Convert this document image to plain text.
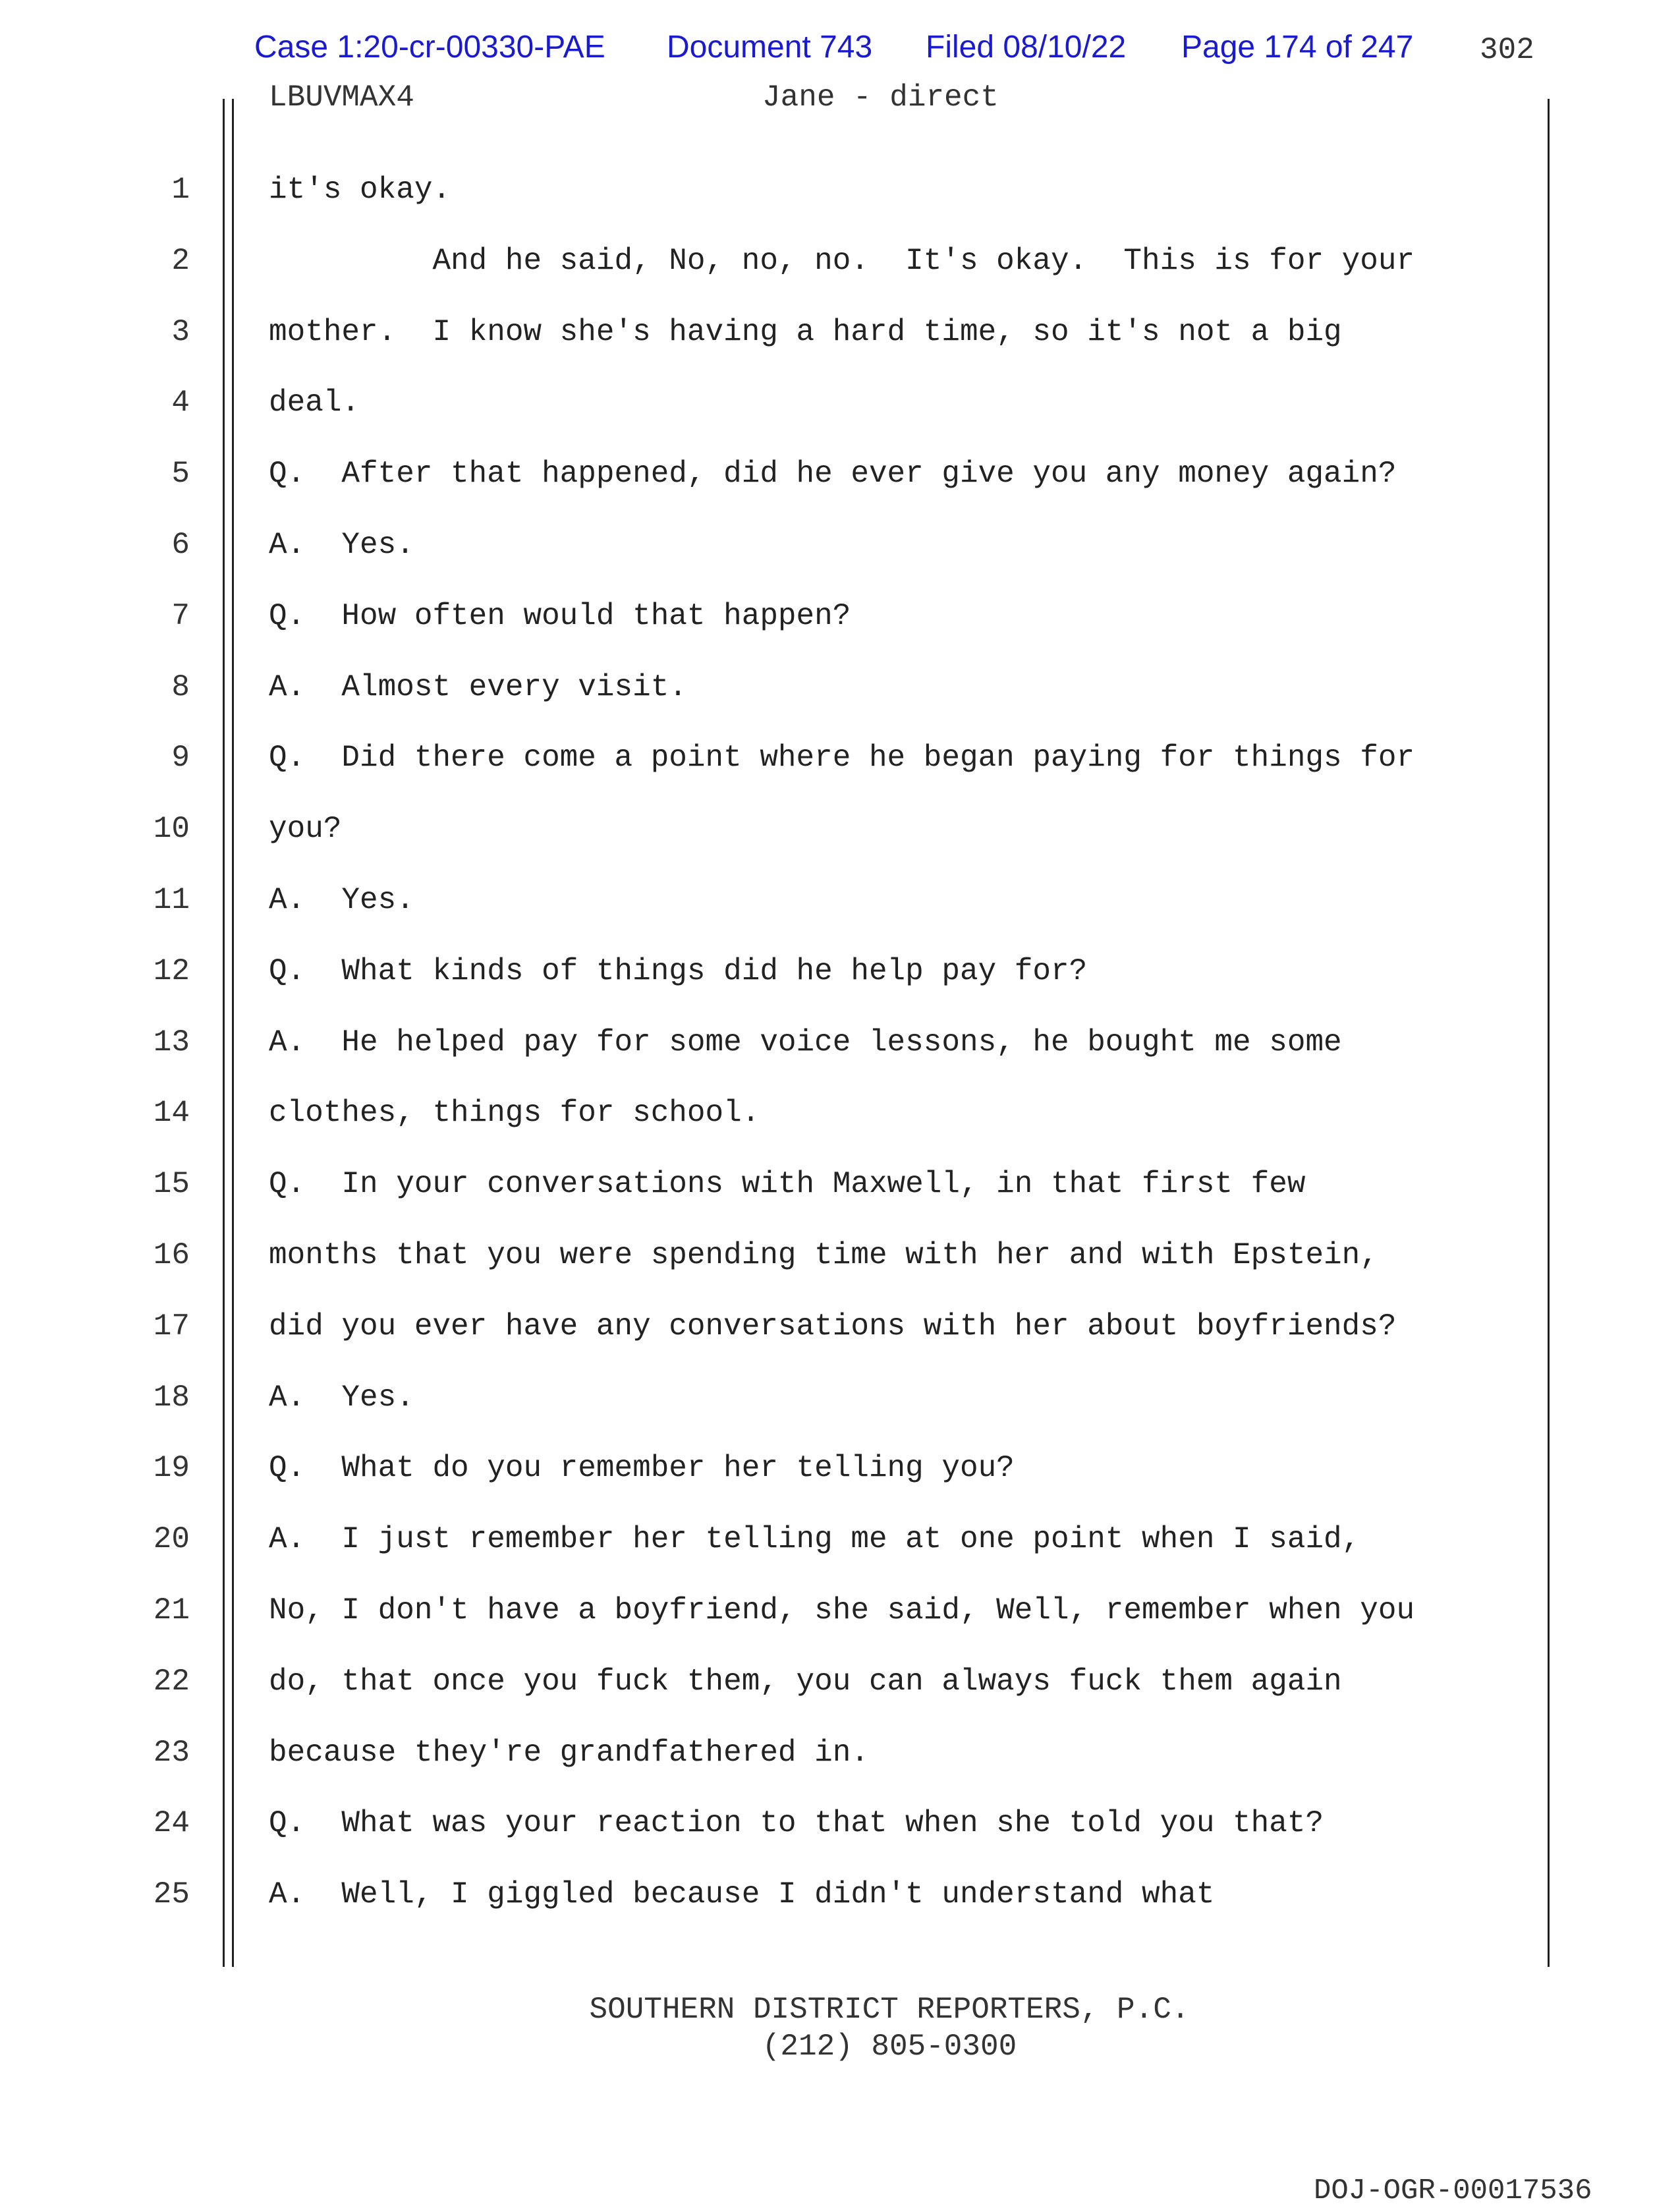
Case 1:20-cr-00330-PAE Document 743 Filed 08/10/22 Page 174 of 247 302
LBUVMAX4	Jane - direct
1	it's okay.
2	And he said, No, no, no.  It's okay.  This is for your
3	mother.  I know she's having a hard time, so it's not a big
4	deal.
5	Q.  After that happened, did he ever give you any money again?
6	A.  Yes.
7	Q.  How often would that happen?
8	A.  Almost every visit.
9	Q.  Did there come a point where he began paying for things for
10	you?
11	A.  Yes.
12	Q.  What kinds of things did he help pay for?
13	A.  He helped pay for some voice lessons, he bought me some
14	clothes, things for school.
15	Q.  In your conversations with Maxwell, in that first few
16	months that you were spending time with her and with Epstein,
17	did you ever have any conversations with her about boyfriends?
18	A.  Yes.
19	Q.  What do you remember her telling you?
20	A.  I just remember her telling me at one point when I said,
21	No, I don't have a boyfriend, she said, Well, remember when you
22	do, that once you fuck them, you can always fuck them again
23	because they're grandfathered in.
24	Q.  What was your reaction to that when she told you that?
25	A.  Well, I giggled because I didn't understand what
SOUTHERN DISTRICT REPORTERS, P.C.
(212) 805-0300
DOJ-OGR-00017536
